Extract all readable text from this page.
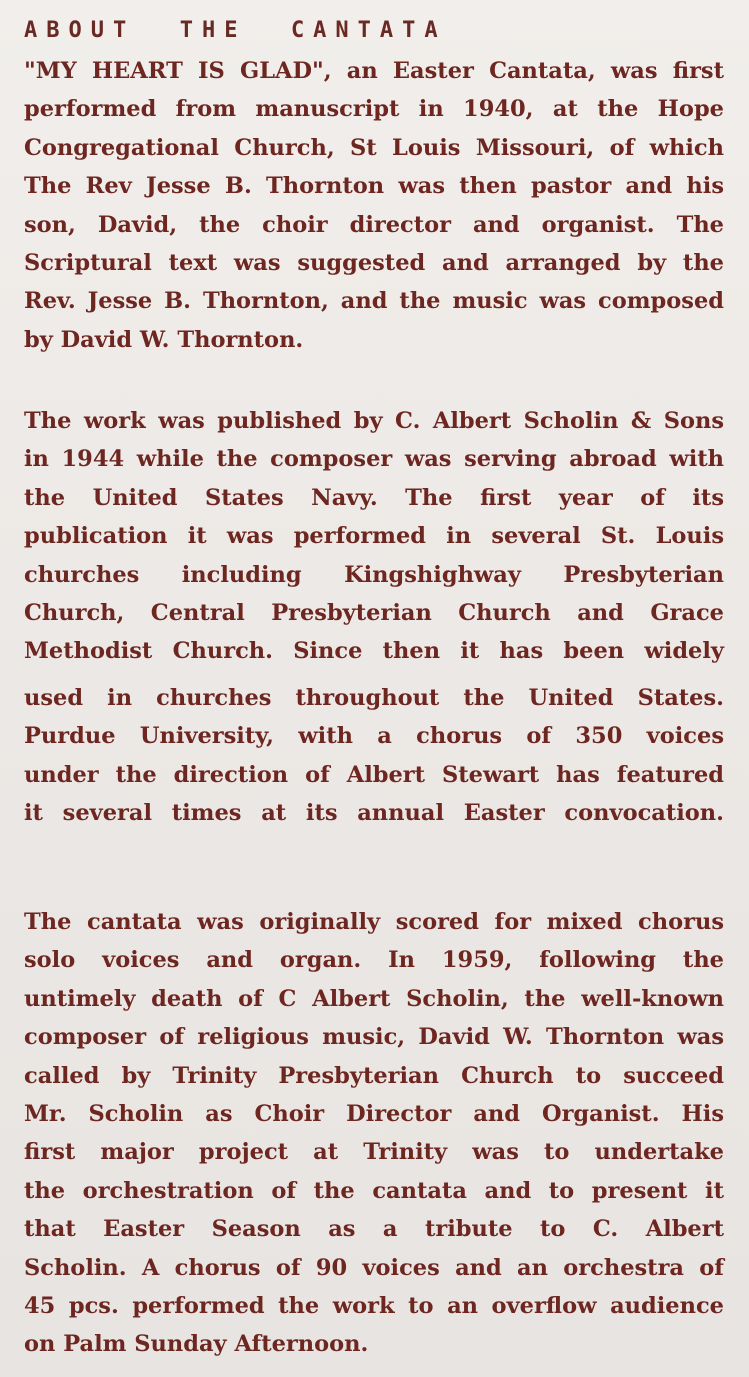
ABOUT  THE  CANTATA
"MY HEART IS GLAD", an Easter Cantata, was first
performed from manuscript in 1940, at the Hope
Congregational Church, St Louis Missouri, of which
The Rev Jesse B. Thornton was then pastor and his
son, David, the choir director and organist. The
Scriptural text was suggested and arranged by the
Rev. Jesse B. Thornton, and the music was composed
by David W. Thornton.
The work was published by C. Albert Scholin & Sons
in 1944 while the composer was serving abroad with
the United States Navy. The first year of its
publication it was performed in several St. Louis
churches including Kingshighway Presbyterian
Church, Central Presbyterian Church and Grace
Methodist Church. Since then it has been widely
used in churches throughout the United States.
Purdue University, with a chorus of 350 voices
under the direction of Albert Stewart has featured
it several times at its annual Easter convocation.
The cantata was originally scored for mixed chorus
solo voices and organ. In 1959, following the
untimely death of C Albert Scholin, the well-known
composer of religious music, David W. Thornton was
called by Trinity Presbyterian Church to succeed
Mr. Scholin as Choir Director and Organist. His
first major project at Trinity was to undertake
the orchestration of the cantata and to present it
that Easter Season as a tribute to C. Albert
Scholin. A chorus of 90 voices and an orchestra of
45 pcs. performed the work to an overflow audience
on Palm Sunday Afternoon.
